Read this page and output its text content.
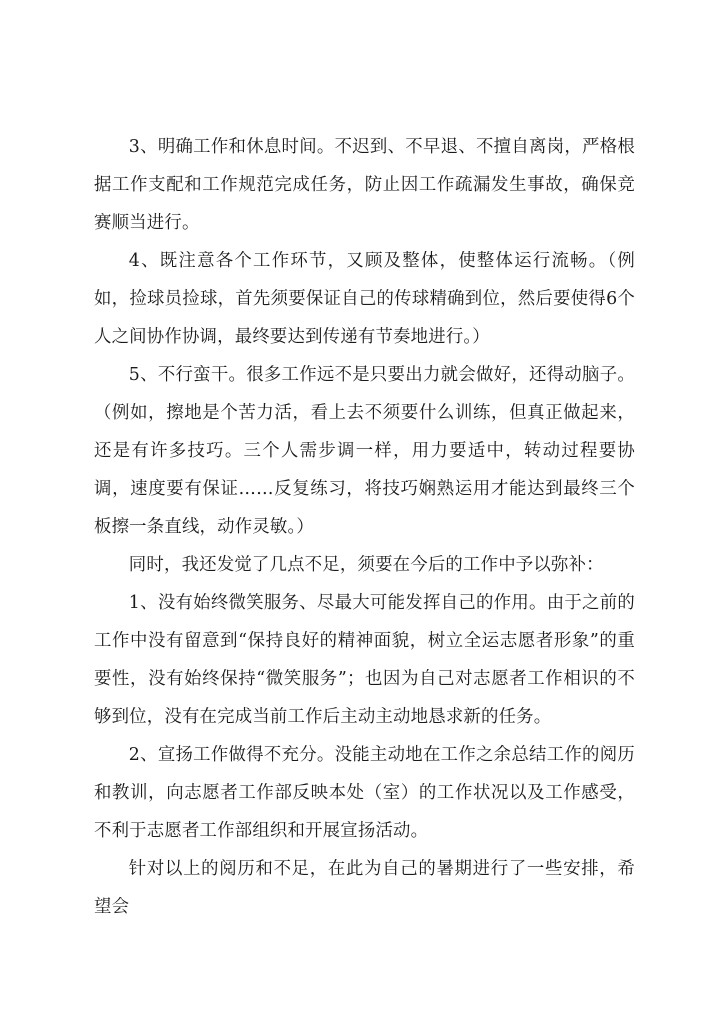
3、明确工作和休息时间。不迟到、不早退、不擅自离岗，严格根据工作支配和工作规范完成任务，防止因工作疏漏发生事故，确保竞赛顺当进行。

4、既注意各个工作环节，又顾及整体，使整体运行流畅。（例如，捡球员捡球，首先须要保证自己的传球精确到位，然后要使得6个人之间协作协调，最终要达到传递有节奏地进行。）

5、不行蛮干。很多工作远不是只要出力就会做好，还得动脑子。（例如，擦地是个苦力活，看上去不须要什么训练，但真正做起来，还是有许多技巧。三个人需步调一样，用力要适中，转动过程要协调，速度要有保证……反复练习，将技巧娴熟运用才能达到最终三个板擦一条直线，动作灵敏。）

同时，我还发觉了几点不足，须要在今后的工作中予以弥补：

1、没有始终微笑服务、尽最大可能发挥自己的作用。由于之前的工作中没有留意到“保持良好的精神面貌，树立全运志愿者形象”的重要性，没有始终保持“微笑服务”；也因为自己对志愿者工作相识的不够到位，没有在完成当前工作后主动主动地恳求新的任务。

2、宣扬工作做得不充分。没能主动地在工作之余总结工作的阅历和教训，向志愿者工作部反映本处（室）的工作状况以及工作感受，不利于志愿者工作部组织和开展宣扬活动。

针对以上的阅历和不足，在此为自己的暑期进行了一些安排，希望会
